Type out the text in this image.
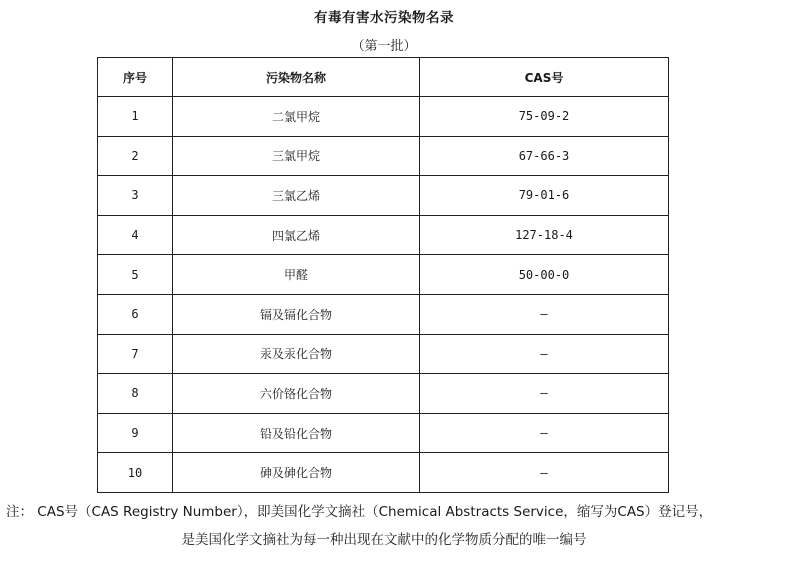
有毒有害水污染物名录
（第一批）
序号	污染物名称	CAS号
1	二氯甲烷	75-09-2
2	三氯甲烷	67-66-3
3	三氯乙烯	79-01-6
4	四氯乙烯	127-18-4
5	甲醛	50-00-0
6	镉及镉化合物	—
7	汞及汞化合物	—
8	六价铬化合物	—
9	铅及铅化合物	—
10	砷及砷化合物	—
注： CAS号（CAS Registry Number），即美国化学文摘社（Chemical Abstracts Service，缩写为CAS）登记号，
是美国化学文摘社为每一种出现在文献中的化学物质分配的唯一编号
